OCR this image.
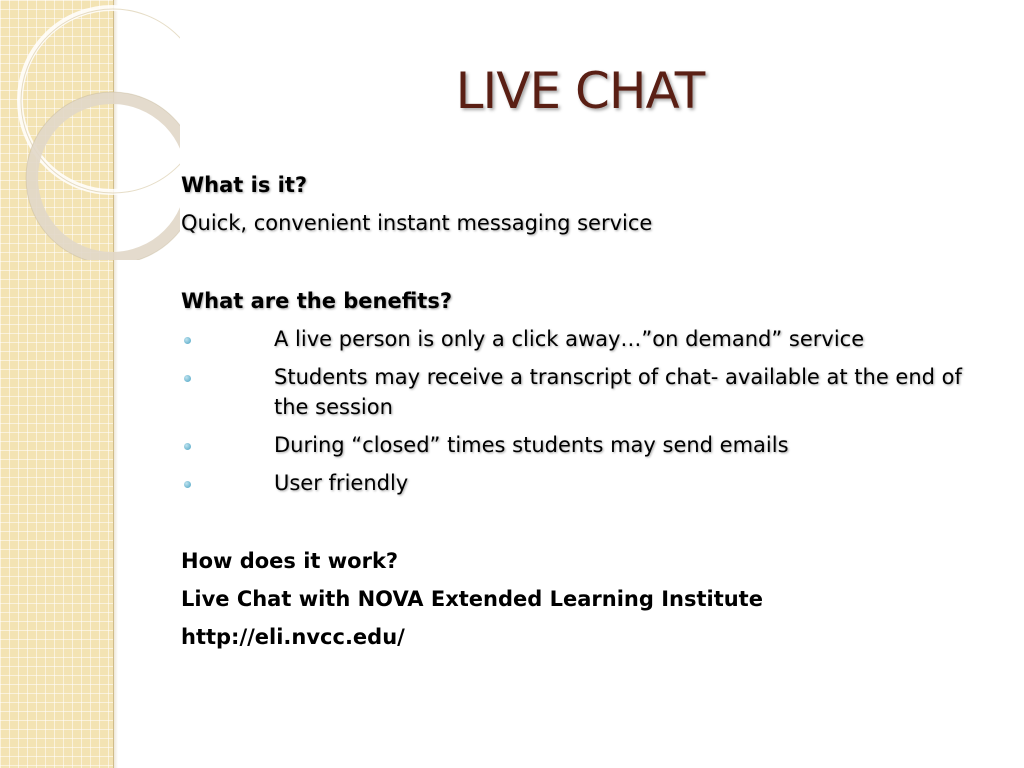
LIVE CHAT

What is it?

Quick, convenient instant messaging service

What are the benefits?

A live person is only a click away…”on demand” service
Students may receive a transcript of chat- available at the end of the session
During “closed” times students may send emails
User friendly

How does it work?

Live Chat with NOVA Extended Learning Institute

http://eli.nvcc.edu/
